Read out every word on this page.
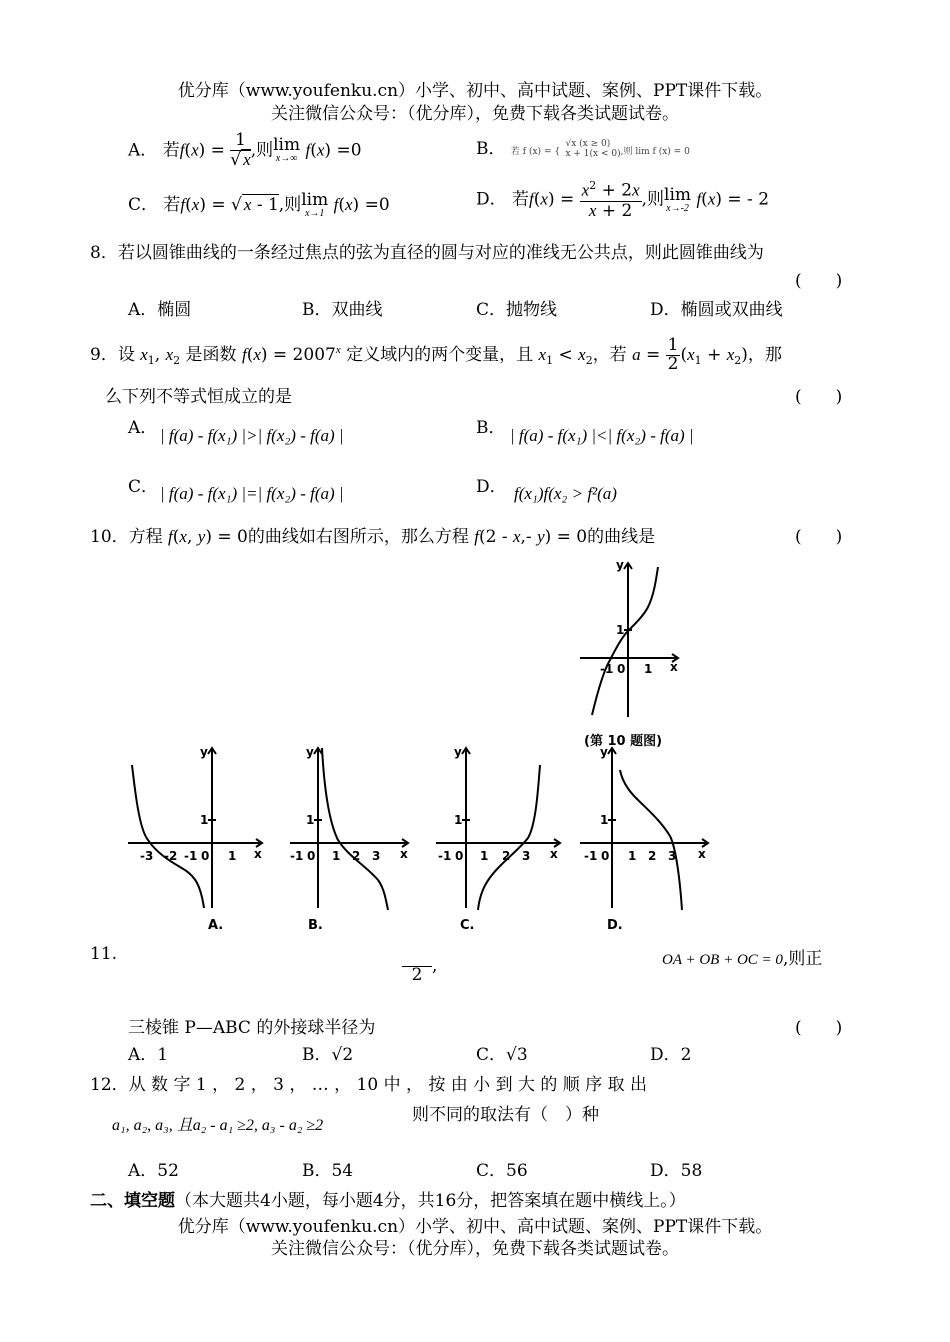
优分库（www.youfenku.cn）小学、初中、高中试题、案例、PPT课件下载。
关注微信公众号：（优分库），免费下载各类试题试卷。
A． 若$f(x) = \frac{1}{√ x}$ ,则 lim
x→∞ f(x) =0	B． 若 f (x) = {
√x (x ≥ 0)
x + 1(x < 0) ,则 lim f (x) = 0
C． 若f(x) = √ x - 1,则 lim
x→1 f(x) =0	D． 若$f(x) = \frac{x^2 + 2x}{x + 2}$ ,则 lim
x→-2 f(x) = - 2
8．若以圆锥曲线的一条经过焦点的弦为直径的圆与对应的准线无公共点，则此圆锥曲线为
(　　)
A．椭圆	B．双曲线	C．抛物线	D．椭圆或双曲线
9．设 $x_1$, $x_2$ 是函数 $f(x) = 2007^x$ 定义域内的两个变量，且 $x_1 < x_2$，若 $a = \frac{1}{2} (x_1 + x_2)$，那
么下列不等式恒成立的是	(　　)
A． | f(a) - f(x₁) |>| f(x₂) - f(a) |	B． | f(a) - f(x₁) |<| f(x₂) - f(a) |
C． | f(a) - f(x₁) |=| f(x₂) - f(a) |	D． f(x₁)f(x₂ > f²(a)
10．方程 f(x, y) = 0的曲线如右图所示，那么方程 f(2 - x,- y) = 0的曲线是	(　　)
y
x
1
-1 0 1
(第 10 题图)
y
x
1
-3 -2 -1 0 1
y
x
1
-1 0 1 2 3
y
x
1
-1 0 1 2 3
y
x
1
-1 0 1 2 3
A.	B.	C.	D.
11.

2 ,	OA + OB + OC = 0,则正
三棱锥 P—ABC 的外接球半径为	(　　)
A．1	B．√2	C．√3	D．2
12．从 数 字 1 ， 2 ， 3 ， … ， 10 中 ， 按 由 小 到 大 的 顺 序 取 出
a₁, a₂, a₃, 且a₂ - a₁ ≥2, a₃ - a₂ ≥2
则不同的取法有（　）种
A．52	B．54	C．56	D．58
二、填空题（本大题共4小题，每小题4分，共16分，把答案填在题中横线上。）
优分库（www.youfenku.cn）小学、初中、高中试题、案例、PPT课件下载。
关注微信公众号：（优分库），免费下载各类试题试卷。
